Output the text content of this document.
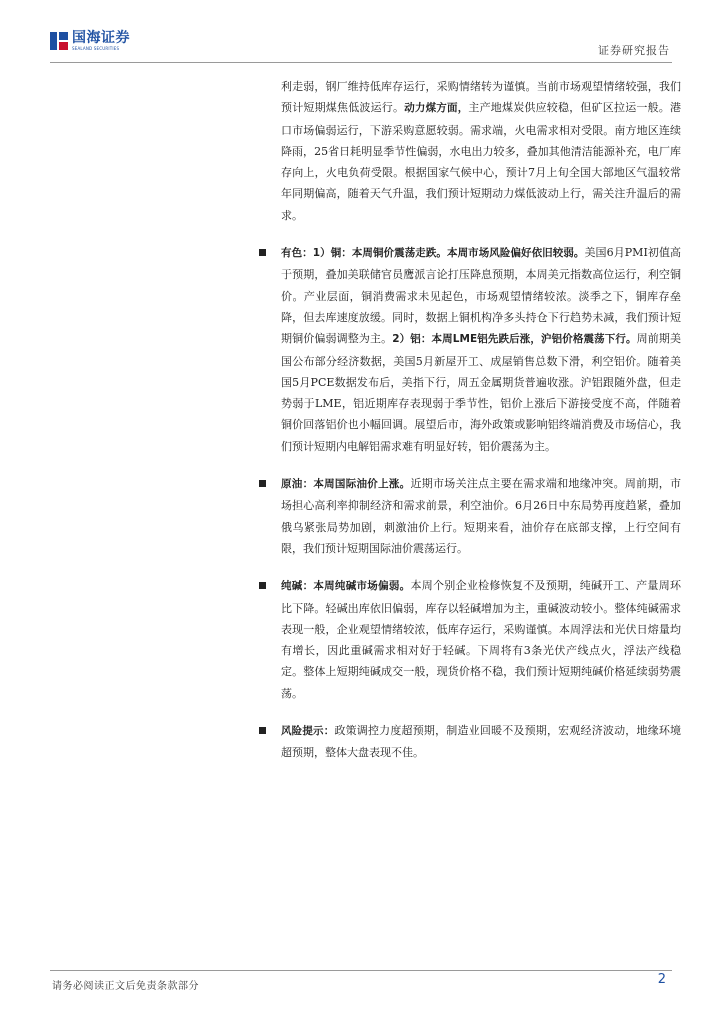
国海证券
SEALAND SECURITIES	证券研究报告

利走弱，钢厂维持低库存运行，采购情绪转为谨慎。当前市场观望情绪较强，我们预计短期煤焦低波运行。动力煤方面，主产地煤炭供应较稳，但矿区拉运一般。港口市场偏弱运行，下游采购意愿较弱。需求端，火电需求相对受限。南方地区连续降雨，25省日耗明显季节性偏弱，水电出力较多，叠加其他清洁能源补充，电厂库存向上，火电负荷受限。根据国家气候中心，预计7月上旬全国大部地区气温较常年同期偏高，随着天气升温，我们预计短期动力煤低波动上行，需关注升温后的需求。

有色：1）铜：本周铜价震荡走跌。本周市场风险偏好依旧较弱。美国6月PMI初值高于预期，叠加美联储官员鹰派言论打压降息预期，本周美元指数高位运行，利空铜价。产业层面，铜消费需求未见起色，市场观望情绪较浓。淡季之下，铜库存垒降，但去库速度放缓。同时，数据上铜机构净多头持仓下行趋势未减，我们预计短期铜价偏弱调整为主。2）铝：本周LME铝先跌后涨，沪铝价格震荡下行。周前期美国公布部分经济数据，美国5月新屋开工、成屋销售总数下滑，利空铝价。随着美国5月PCE数据发布后，美指下行，周五金属期货普遍收涨。沪铝跟随外盘，但走势弱于LME，铝近期库存表现弱于季节性，铝价上涨后下游接受度不高，伴随着铜价回落铝价也小幅回调。展望后市，海外政策或影响铝终端消费及市场信心，我们预计短期内电解铝需求难有明显好转，铝价震荡为主。

原油：本周国际油价上涨。近期市场关注点主要在需求端和地缘冲突。周前期，市场担心高利率抑制经济和需求前景，利空油价。6月26日中东局势再度趋紧，叠加俄乌紧张局势加剧，刺激油价上行。短期来看，油价存在底部支撑，上行空间有限，我们预计短期国际油价震荡运行。

纯碱：本周纯碱市场偏弱。本周个别企业检修恢复不及预期，纯碱开工、产量周环比下降。轻碱出库依旧偏弱，库存以轻碱增加为主，重碱波动较小。整体纯碱需求表现一般，企业观望情绪较浓，低库存运行，采购谨慎。本周浮法和光伏日熔量均有增长，因此重碱需求相对好于轻碱。下周将有3条光伏产线点火，浮法产线稳定。整体上短期纯碱成交一般，现货价格不稳，我们预计短期纯碱价格延续弱势震荡。

风险提示：政策调控力度超预期，制造业回暖不及预期，宏观经济波动，地缘环境超预期，整体大盘表现不佳。

请务必阅读正文后免责条款部分	2
